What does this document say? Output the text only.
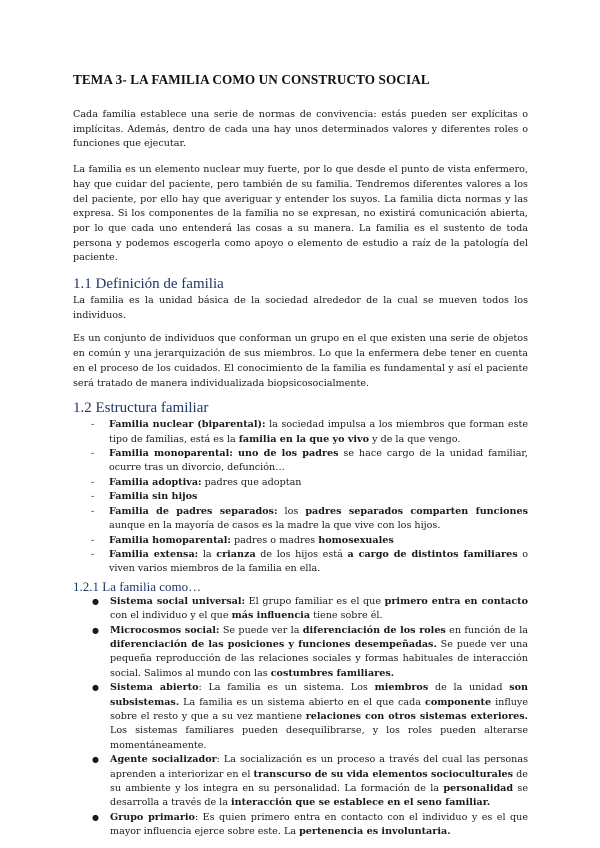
TEMA 3- LA FAMILIA COMO UN CONSTRUCTO SOCIAL

Cada familia establece una serie de normas de convivencia: estás pueden ser explícitas o implícitas. Además, dentro de cada una hay unos determinados valores y diferentes roles o funciones que ejecutar.

La familia es un elemento nuclear muy fuerte, por lo que desde el punto de vista enfermero, hay que cuidar del paciente, pero también de su familia. Tendremos diferentes valores a los del paciente, por ello hay que averiguar y entender los suyos. La familia dicta normas y las expresa. Si los componentes de la familia no se expresan, no existirá comunicación abierta, por lo que cada uno entenderá las cosas a su manera. La familia es el sustento de toda persona y podemos escogerla como apoyo o elemento de estudio a raíz de la patología del paciente.

1.1 Definición de familia

La familia es la unidad básica de la sociedad alrededor de la cual se mueven todos los individuos.

Es un conjunto de individuos que conforman un grupo en el que existen una serie de objetos en común y una jerarquización de sus miembros. Lo que la enfermera debe tener en cuenta en el proceso de los cuidados. El conocimiento de la familia es fundamental y así el paciente será tratado de manera individualizada biopsicosocialmente.

1.2 Estructura familiar
- Familia nuclear (biparental): la sociedad impulsa a los miembros que forman este tipo de familias, está es la familia en la que yo vivo y de la que vengo.
- Familia monoparental: uno de los padres se hace cargo de la unidad familiar, ocurre tras un divorcio, defunción…
- Familia adoptiva: padres que adoptan
- Familia sin hijos
- Familia de padres separados: los padres separados comparten funciones aunque en la mayoría de casos es la madre la que vive con los hijos.
- Familia homoparental: padres o madres homosexuales
- Familia extensa: la crianza de los hijos está a cargo de distintos familiares o viven varios miembros de la familia en ella.
1.2.1 La familia como…
● Sistema social universal: El grupo familiar es el que primero entra en contacto con el individuo y el que más influencia tiene sobre él.
● Microcosmos social: Se puede ver la diferenciación de los roles en función de la diferenciación de las posiciones y funciones desempeñadas. Se puede ver una pequeña reproducción de las relaciones sociales y formas habituales de interacción social. Salimos al mundo con las costumbres familiares.
● Sistema abierto: La familia es un sistema. Los miembros de la unidad son subsistemas. La familia es un sistema abierto en el que cada componente influye sobre el resto y que a su vez mantiene relaciones con otros sistemas exteriores. Los sistemas familiares pueden desequilibrarse, y los roles pueden alterarse momentáneamente.
● Agente socializador: La socialización es un proceso a través del cual las personas aprenden a interiorizar en el transcurso de su vida elementos socioculturales de su ambiente y los integra en su personalidad. La formación de la personalidad se desarrolla a través de la interacción que se establece en el seno familiar.
● Grupo primario: Es quien primero entra en contacto con el individuo y es el que mayor influencia ejerce sobre este. La pertenencia es involuntaria.
